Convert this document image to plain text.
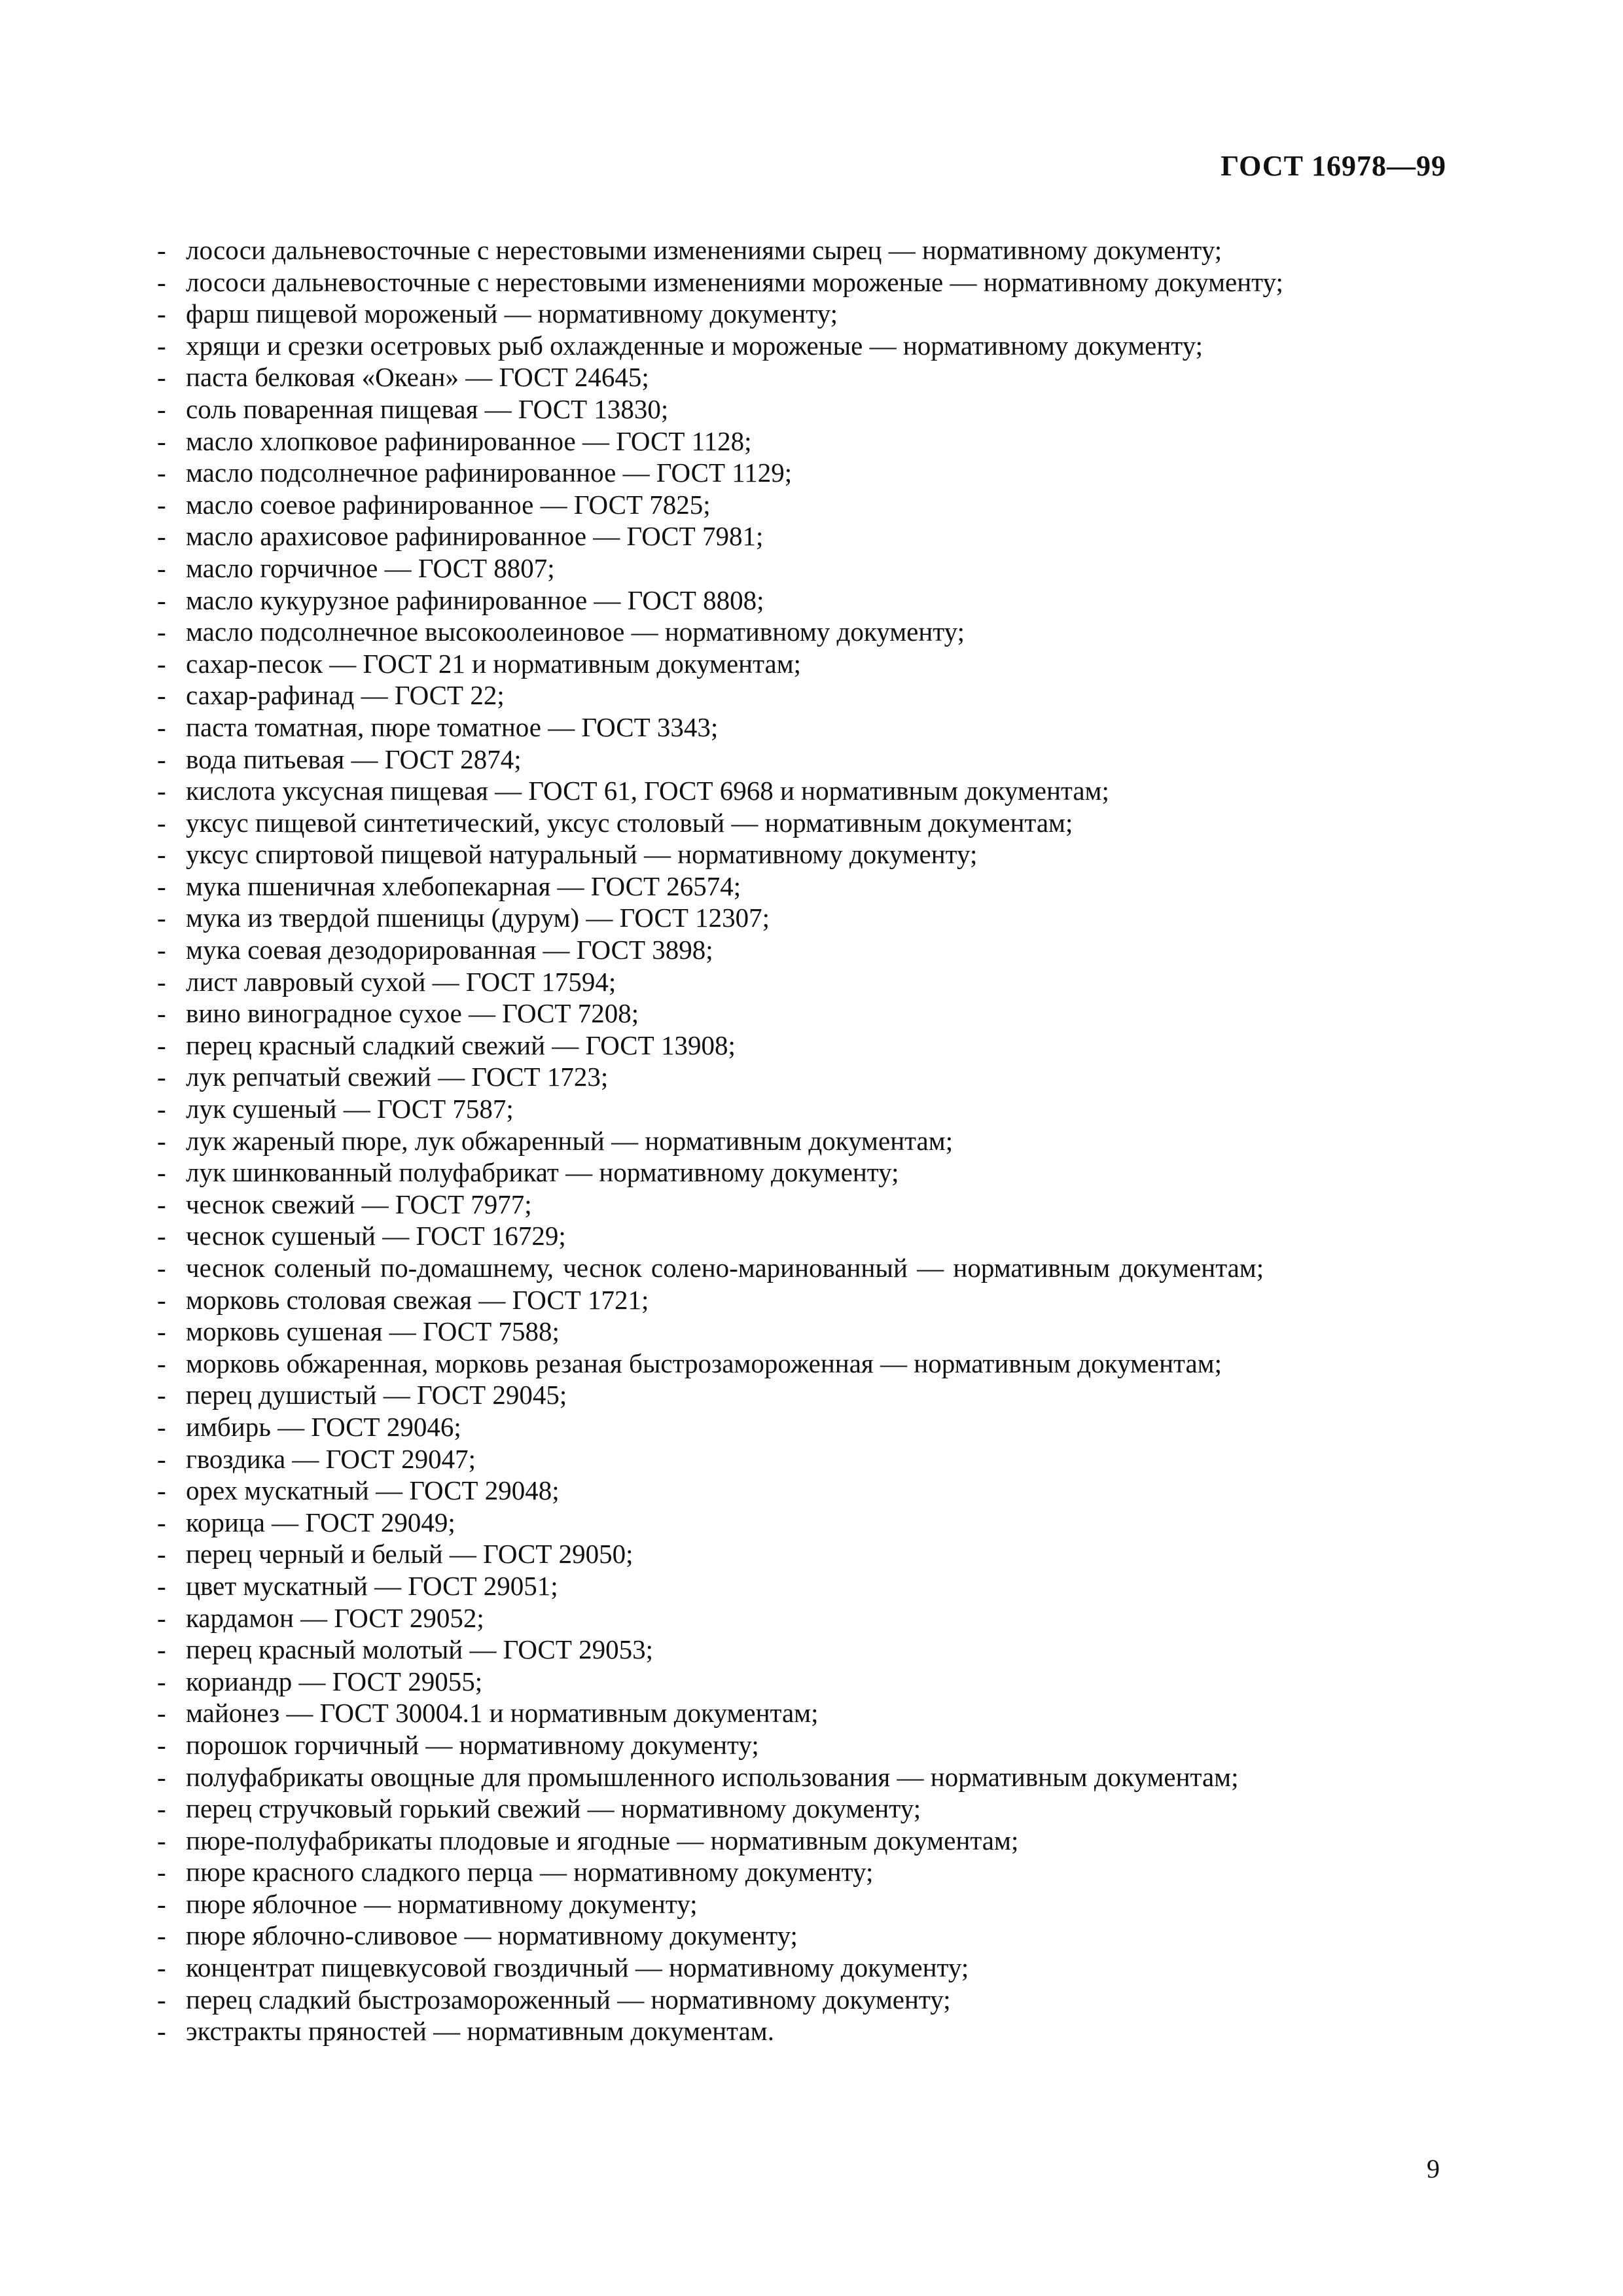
ГОСТ 16978—99
- лососи дальневосточные с нерестовыми изменениями сырец — нормативному документу;
- лососи дальневосточные с нерестовыми изменениями мороженые — нормативному документу;
- фарш пищевой мороженый — нормативному документу;
- хрящи и срезки осетровых рыб охлажденные и мороженые — нормативному документу;
- паста белковая «Океан» — ГОСТ 24645;
- соль поваренная пищевая — ГОСТ 13830;
- масло хлопковое рафинированное — ГОСТ 1128;
- масло подсолнечное рафинированное — ГОСТ 1129;
- масло соевое рафинированное — ГОСТ 7825;
- масло арахисовое рафинированное — ГОСТ 7981;
- масло горчичное — ГОСТ 8807;
- масло кукурузное рафинированное — ГОСТ 8808;
- масло подсолнечное высокоолеиновое — нормативному документу;
- сахар-песок — ГОСТ 21 и нормативным документам;
- сахар-рафинад — ГОСТ 22;
- паста томатная, пюре томатное — ГОСТ 3343;
- вода питьевая — ГОСТ 2874;
- кислота уксусная пищевая — ГОСТ 61, ГОСТ 6968 и нормативным документам;
- уксус пищевой синтетический, уксус столовый — нормативным документам;
- уксус спиртовой пищевой натуральный — нормативному документу;
- мука пшеничная хлебопекарная — ГОСТ 26574;
- мука из твердой пшеницы (дурум) — ГОСТ 12307;
- мука соевая дезодорированная — ГОСТ 3898;
- лист лавровый сухой — ГОСТ 17594;
- вино виноградное сухое — ГОСТ 7208;
- перец красный сладкий свежий — ГОСТ 13908;
- лук репчатый свежий — ГОСТ 1723;
- лук сушеный — ГОСТ 7587;
- лук жареный пюре, лук обжаренный — нормативным документам;
- лук шинкованный полуфабрикат — нормативному документу;
- чеснок свежий — ГОСТ 7977;
- чеснок сушеный — ГОСТ 16729;
- чеснок соленый по-домашнему, чеснок солено-маринованный — нормативным документам;
- морковь столовая свежая — ГОСТ 1721;
- морковь сушеная — ГОСТ 7588;
- морковь обжаренная, морковь резаная быстрозамороженная — нормативным документам;
- перец душистый — ГОСТ 29045;
- имбирь — ГОСТ 29046;
- гвоздика — ГОСТ 29047;
- орех мускатный — ГОСТ 29048;
- корица — ГОСТ 29049;
- перец черный и белый — ГОСТ 29050;
- цвет мускатный — ГОСТ 29051;
- кардамон — ГОСТ 29052;
- перец красный молотый — ГОСТ 29053;
- кориандр — ГОСТ 29055;
- майонез — ГОСТ 30004.1 и нормативным документам;
- порошок горчичный — нормативному документу;
- полуфабрикаты овощные для промышленного использования — нормативным документам;
- перец стручковый горький свежий — нормативному документу;
- пюре-полуфабрикаты плодовые и ягодные — нормативным документам;
- пюре красного сладкого перца — нормативному документу;
- пюре яблочное — нормативному документу;
- пюре яблочно-сливовое — нормативному документу;
- концентрат пищевкусовой гвоздичный — нормативному документу;
- перец сладкий быстрозамороженный — нормативному документу;
- экстракты пряностей — нормативным документам.
9
